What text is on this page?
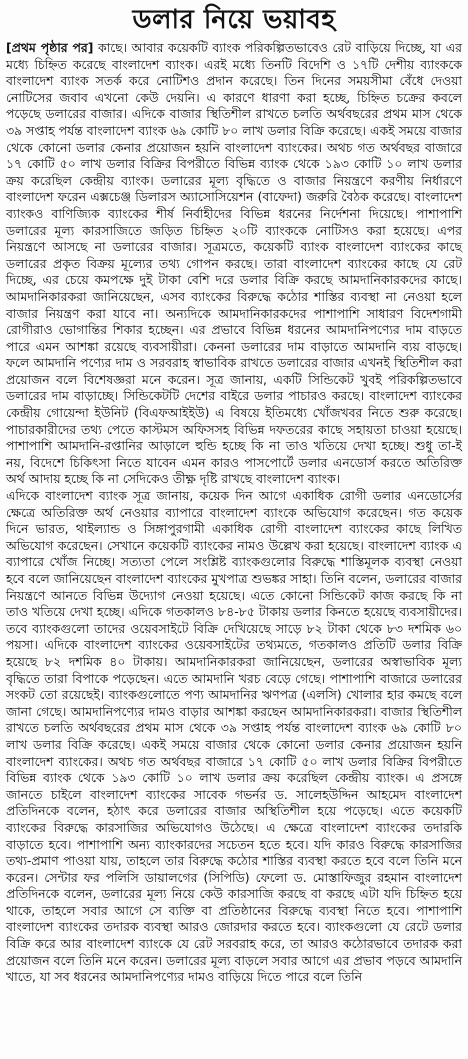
ডলার নিয়ে ভয়াবহ

[প্রথম পৃষ্ঠার পর] কাছে। আবার কয়েকটি ব্যাংক পরিকল্পিতভাবেও রেট বাড়িয়ে দিচ্ছে, যা এর মধ্যে চিহ্নিত করেছে বাংলাদেশ ব্যাংক। এরই মধ্যে তিনটি বিদেশি ও ১৭টি দেশীয় ব্যাংককে বাংলাদেশ ব্যাংক সতর্ক করে নোটিশও প্রদান করেছে। তিন দিনের সময়সীমা বেঁধে দেওয়া নোটিসের জবাব এখনো কেউ দেয়নি। এ কারণে ধারণা করা হচ্ছে, চিহ্নিত চক্রের কবলে পড়েছে ডলারের বাজার। এদিকে বাজার স্থিতিশীল রাখতে চলতি অর্থবছরের প্রথম মাস থেকে ৩৯ সপ্তাহ পর্যন্ত বাংলাদেশ ব্যাংক ৬৯ কোটি ৮০ লাখ ডলার বিক্রি করেছে। একই সময়ে বাজার থেকে কোনো ডলার কেনার প্রয়োজন হয়নি বাংলাদেশ ব্যাংকের। অথচ গত অর্থবছর বাজারে ১৭ কোটি ৫০ লাখ ডলার বিক্রির বিপরীতে বিভিন্ন ব্যাংক থেকে ১৯৩ কোটি ১০ লাখ ডলার ক্রয় করেছিল কেন্দ্রীয় ব্যাংক। ডলারের মূল্য বৃদ্ধিতে ও বাজার নিয়ন্ত্রণে করণীয় নির্ধারণে বাংলাদেশ ফরেন এক্সচেঞ্জ ডিলারস অ্যাসোসিয়েশন (বাফেদা) জরুরি বৈঠক করেছে। বাংলাদেশ ব্যাংকও বাণিজ্যিক ব্যাংকের শীর্ষ নির্বাহীদের বিভিন্ন ধরনের নির্দেশনা দিয়েছে। পাশাপাশি ডলারের মূল্য কারসাজিতে জড়িত চিহ্নিত ২০টি ব্যাংককে নোটিসও করা হয়েছে। এপর নিয়ন্ত্রণে আসছে না ডলারের বাজার। সূত্রমতে, কয়েকটি ব্যাংক বাংলাদেশ ব্যাংকের কাছে ডলারের প্রকৃত বিক্রয় মূল্যের তথ্য গোপন করছে। তারা বাংলাদেশ ব্যাংকের কাছে যে রেট দিচ্ছে, এর চেয়ে কমপক্ষে দুই টাকা বেশি দরে ডলার বিক্রি করছে আমদানিকারকদের কাছে। আমদানিকারকরা জানিয়েছেন, এসব ব্যাংকের বিরুদ্ধে কঠোর শাস্তির ব্যবস্থা না নেওয়া হলে বাজার নিয়ন্ত্রণ করা যাবে না। অন্যদিকে আমদানিকারকদের পাশাপাশি সাধারণ বিদেশগামী রোগীরাও ভোগান্তির শিকার হচ্ছেন। এর প্রভাবে বিভিন্ন ধরনের আমদানিপণ্যের দাম বাড়তে পারে এমন আশঙ্কা রয়েছে ব্যবসায়ীরা। কেননা ডলারের দাম বাড়াতে আমদানি ব্যয় বাড়ছে। ফলে আমদানি পণ্যের দাম ও সরবরাহ স্বাভাবিক রাখতে ডলারের বাজার এখনই স্থিতিশীল করা প্রয়োজন বলে বিশেষজ্ঞরা মনে করেন। সূত্র জানায়, একটি সিন্ডিকেট খুবই পরিকল্পিতভাবে ডলারের দাম বাড়াচ্ছে। সিন্ডিকেটটি দেশের বাইরে ডলার পাচারও করছে। বাংলাদেশ ব্যাংকের কেন্দ্রীয় গোয়েন্দা ইউনিট (বিএফআইইউ) এ বিষয়ে ইতিমধ্যে খোঁজখবর নিতে শুরু করেছে। পাচারকারীদের তথ্য পেতে কাস্টমস অফিসসহ বিভিন্ন দফতরের কাছে সহায়তা চাওয়া হয়েছে। পাশাপাশি আমদানি-রপ্তানির আড়ালে হুন্ডি হচ্ছে কি না তাও খতিয়ে দেখা হচ্ছে। শুধু তা-ই নয়, বিদেশে চিকিৎসা নিতে যাবেন এমন কারও পাসপোর্টে ডলার এনডোর্স করতে অতিরিক্ত অর্থ আদায় হচ্ছে কি না সেদিকেও তীক্ষ্ণ দৃষ্টি রাখছে বাংলাদেশ ব্যাংক।

এদিকে বাংলাদেশ ব্যাংক সূত্র জানায়, কয়েক দিন আগে একাধিক রোগী ডলার এনডোর্সের ক্ষেত্রে অতিরিক্ত অর্থ নেওয়ার ব্যাপারে বাংলাদেশ ব্যাংকে অভিযোগ করেছেন। গত কয়েক দিনে ভারত, থাইল্যান্ড ও সিঙ্গাপুরগামী একাধিক রোগী বাংলাদেশ ব্যাংকের কাছে লিখিত অভিযোগ করেছেন। সেখানে কয়েকটি ব্যাংকের নামও উল্লেখ করা হয়েছে। বাংলাদেশ ব্যাংক এ ব্যাপারে খোঁজ নিচ্ছে। সত্যতা পেলে সংশ্লিষ্ট ব্যাংকগুলোর বিরুদ্ধে শাস্তিমূলক ব্যবস্থা নেওয়া হবে বলে জানিয়েছেন বাংলাদেশ ব্যাংকের মুখপাত্র শুভঙ্কর সাহা। তিনি বলেন, ডলারের বাজার নিয়ন্ত্রণে আনতে বিভিন্ন উদ্যোগ নেওয়া হয়েছে। এতে কোনো সিন্ডিকেট কাজ করছে কি না তাও খতিয়ে দেখা হচ্ছে। এদিকে গতকালও ৮৪-৮৫ টাকায় ডলার কিনতে হয়েছে ব্যবসায়ীদের। তবে ব্যাংকগুলো তাদের ওয়েবসাইটে বিক্রি দেখিয়েছে সাড়ে ৮২ টাকা থেকে ৮৩ দশমিক ৬০ পয়সা। এদিকে বাংলাদেশ ব্যাংকের ওয়েবসাইটের তথ্যমতে, গতকালও প্রতিটি ডলার বিক্রি হয়েছে ৮২ দশমিক ৪০ টাকায়। আমদানিকারকরা জানিয়েছেন, ডলারের অস্বাভাবিক মূল্য বৃদ্ধিতে তারা বিপাকে পড়েছেন। এতে আমদানি খরচ বেড়ে গেছে। পাশাপাশি বাজারে ডলারের সংকট তো রয়েছেই। ব্যাংকগুলোতে পণ্য আমদানির ঋণপত্র (এলসি) খোলার হার কমছে বলে জানা গেছে। আমদানিপণ্যের দামও বাড়ার আশঙ্কা করছেন আমদানিকারকরা। বাজার স্থিতিশীল রাখতে চলতি অর্থবছরের প্রথম মাস থেকে ৩৯ সপ্তাহ পর্যন্ত বাংলাদেশ ব্যাংক ৬৯ কোটি ৮০ লাখ ডলার বিক্রি করেছে। একই সময়ে বাজার থেকে কোনো ডলার কেনার প্রয়োজন হয়নি বাংলাদেশ ব্যাংকের। অথচ গত অর্থবছর বাজারে ১৭ কোটি ৫০ লাখ ডলার বিক্রির বিপরীতে বিভিন্ন ব্যাংক থেকে ১৯৩ কোটি ১০ লাখ ডলার ক্রয় করেছিল কেন্দ্রীয় ব্যাংক। এ প্রসঙ্গে জানতে চাইলে বাংলাদেশ ব্যাংকের সাবেক গভর্নর ড. সালেহউদ্দিন আহমেদ বাংলাদেশ প্রতিদিনকে বলেন, হঠাৎ করে ডলারের বাজার অস্থিতিশীল হয়ে পড়েছে। এতে কয়েকটি ব্যাংকের বিরুদ্ধে কারসাজির অভিযোগও উঠেছে। এ ক্ষেত্রে বাংলাদেশ ব্যাংকের তদারকি বাড়াতে হবে। পাশাপাশি অন্য ব্যাংকারদের সচেতন হতে হবে। যদি কারও বিরুদ্ধে কারসাজির তথ্য-প্রমাণ পাওয়া যায়, তাহলে তার বিরুদ্ধে কঠোর শাস্তির ব্যবস্থা করতে হবে বলে তিনি মনে করেন। সেন্টার ফর পলিসি ডায়ালগের (সিপিডি) ফেলো ড. মোস্তাফিজুর রহমান বাংলাদেশ প্রতিদিনকে বলেন, ডলারের মূল্য নিয়ে কেউ কারসাজি করছে বা করছে এটা যদি চিহ্নিত হয়ে থাকে, তাহলে সবার আগে সে ব্যক্তি বা প্রতিষ্ঠানের বিরুদ্ধে ব্যবস্থা নিতে হবে। পাশাপাশি বাংলাদেশ ব্যাংকের তদারক ব্যবস্থা আরও জোরদার করতে হবে। ব্যাংকগুলো যে রেটে ডলার বিক্রি করে আর বাংলাদেশ ব্যাংকে যে রেট সরবরাহ করে, তা আরও কঠোরভাবে তদারক করা প্রয়োজন বলে তিনি মনে করেন। ডলারের মূল্য বাড়লে সবার আগে এর প্রভাব পড়বে আমদানি খাতে, যা সব ধরনের আমদানিপণ্যের দামও বাড়িয়ে দিতে পারে বলে তিনি
